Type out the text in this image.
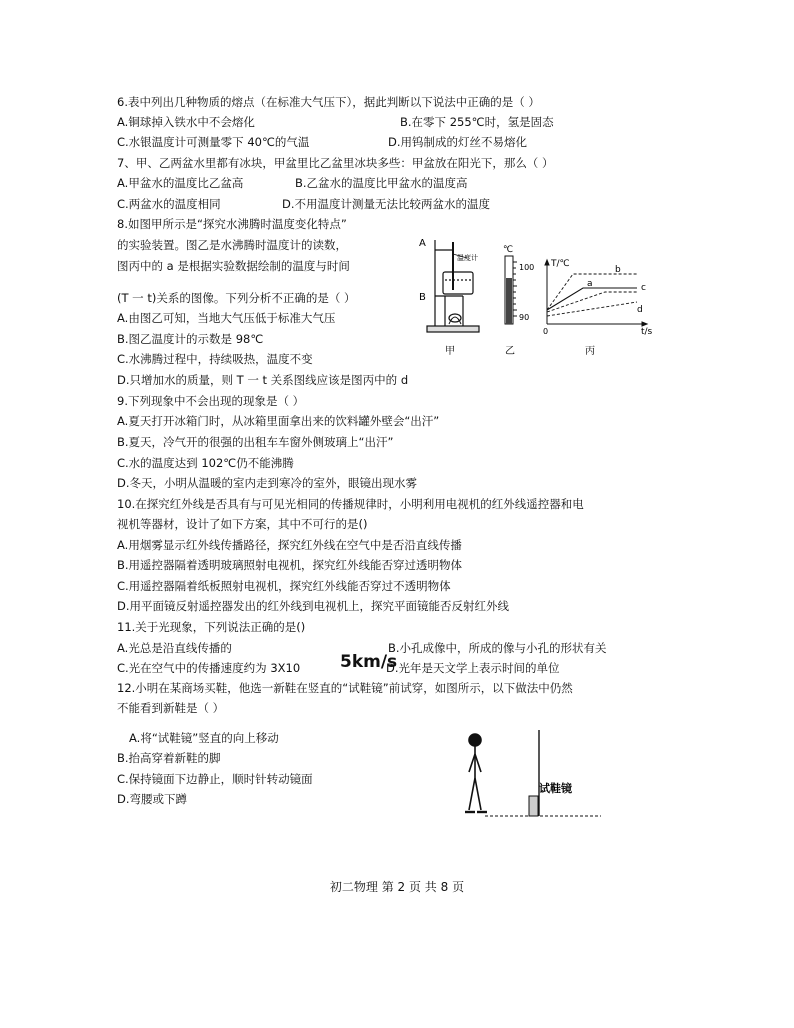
6.表中列出几种物质的熔点（在标准大气压下），据此判断以下说法中正确的是（ ）
A.铜球掉入铁水中不会熔化	B.在零下 255℃时，氢是固态
C.水银温度计可测量零下 40℃的气温	D.用钨制成的灯丝不易熔化
7、甲、乙两盆水里都有冰块，甲盆里比乙盆里冰块多些：甲盆放在阳光下，那么（ ）
A.甲盆水的温度比乙盆高	B.乙盆水的温度比甲盆水的温度高
C.两盆水的温度相同	D.不用温度计测量无法比较两盆水的温度
8.如图甲所示是“探究水沸腾时温度变化特点”
的实验装置。图乙是水沸腾时温度计的读数，
图丙中的 a 是根据实验数据绘制的温度与时间
(T 一 t)关系的图像。下列分析不正确的是（ ）
A.由图乙可知，当地大气压低于标准大气压
B.图乙温度计的示数是 98℃
C.水沸腾过程中，持续吸热，温度不变
D.只增加水的质量，则 T 一 t 关系图线应该是图丙中的 d
A
B
温度计
℃
100
90
T/℃
t/s
0
b
a	c
d
甲	乙	丙
9.下列现象中不会出现的现象是（ ）
A.夏天打开冰箱门时，从冰箱里面拿出来的饮料罐外壁会“出汗”
B.夏天，冷气开的很强的出租车车窗外侧玻璃上“出汗”
C.水的温度达到 102℃仍不能沸腾
D.冬天，小明从温暖的室内走到寒冷的室外，眼镜出现水雾
10.在探究红外线是否具有与可见光相同的传播规律时，小明利用电视机的红外线遥控器和电
视机等器材，设计了如下方案，其中不可行的是()
A.用烟雾显示红外线传播路径，探究红外线在空气中是否沿直线传播
B.用遥控器隔着透明玻璃照射电视机，探究红外线能否穿过透明物体
C.用遥控器隔着纸板照射电视机，探究红外线能否穿过不透明物体
D.用平面镜反射遥控器发出的红外线到电视机上，探究平面镜能否反射红外线
11.关于光现象，下列说法正确的是()
A.光总是沿直线传播的	B.小孔成像中，所成的像与小孔的形状有关
C.光在空气中的传播速度约为 3X10 5km/s
D.光年是天文学上表示时间的单位
12.小明在某商场买鞋，他选一新鞋在竖直的“试鞋镜”前试穿，如图所示，以下做法中仍然
不能看到新鞋是（ ）
A.将“试鞋镜”竖直的向上移动
B.抬高穿着新鞋的脚
C.保持镜面下边静止，顺时针转动镜面
D.弯腰或下蹲
试鞋镜
初二物理 第 2 页 共 8 页
